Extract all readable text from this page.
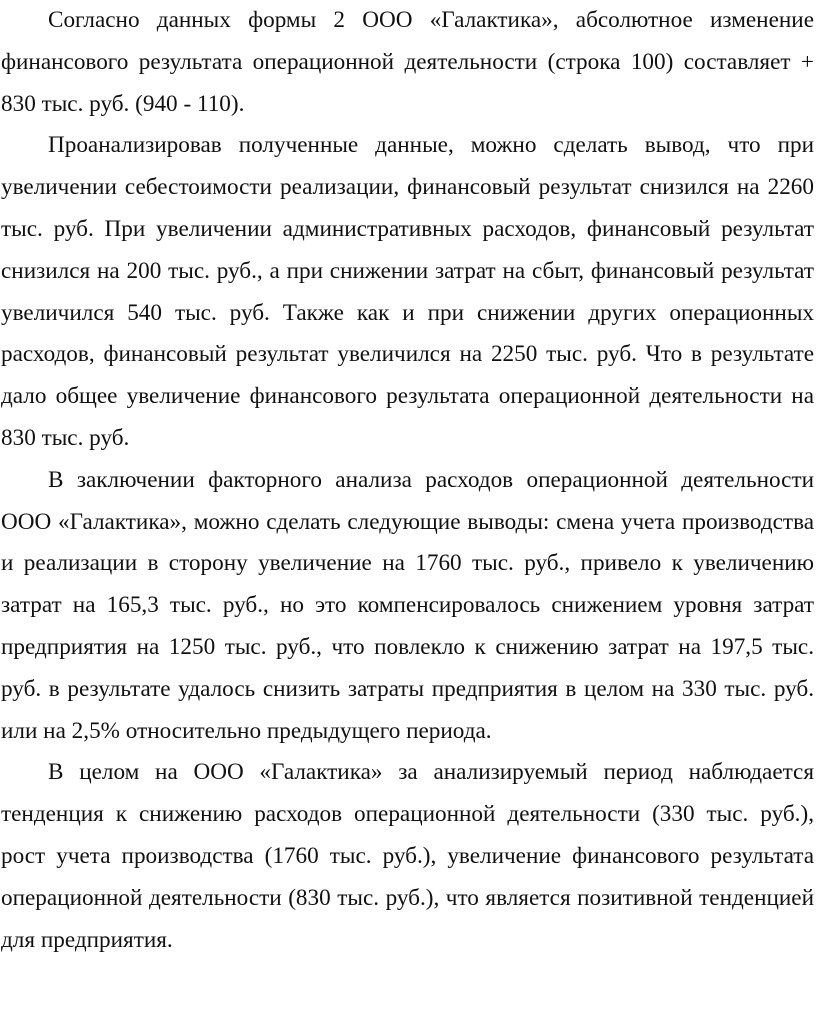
Согласно данных формы 2 ООО «Галактика», абсолютное изменение финансового результата операционной деятельности (строка 100) составляет + 830 тыс. руб. (940 - 110).

Проанализировав полученные данные, можно сделать вывод, что при увеличении себестоимости реализации, финансовый результат снизился на 2260 тыс. руб. При увеличении административных расходов, финансовый результат снизился на 200 тыс. руб., а при снижении затрат на сбыт, финансовый результат увеличился 540 тыс. руб. Также как и при снижении других операционных расходов, финансовый результат увеличился на 2250 тыс. руб. Что в результате дало общее увеличение финансового результата операционной деятельности на 830 тыс. руб.

В заключении факторного анализа расходов операционной деятельности ООО «Галактика», можно сделать следующие выводы: смена учета производства и реализации в сторону увеличение на 1760 тыс. руб., привело к увеличению затрат на 165,3 тыс. руб., но это компенсировалось снижением уровня затрат предприятия на 1250 тыс. руб., что повлекло к снижению затрат на 197,5 тыс. руб. в результате удалось снизить затраты предприятия в целом на 330 тыс. руб. или на 2,5% относительно предыдущего периода.

В целом на ООО «Галактика» за анализируемый период наблюдается тенденция к снижению расходов операционной деятельности (330 тыс. руб.), рост учета производства (1760 тыс. руб.), увеличение финансового результата операционной деятельности (830 тыс. руб.), что является позитивной тенденцией для предприятия.
